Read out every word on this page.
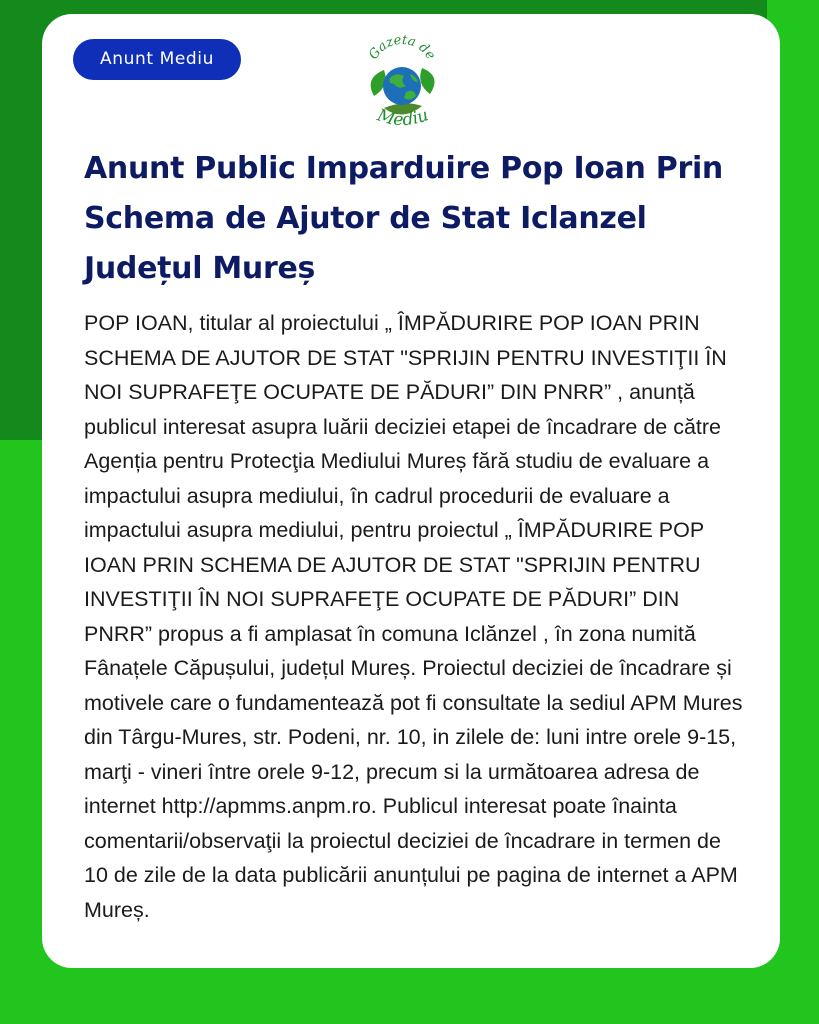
Anunt Mediu	Gazeta de
Mediu
Anunt Public Imparduire Pop Ioan Prin Schema de Ajutor de Stat Iclanzel Județul Mureș

POP IOAN, titular al proiectului „ ÎMPĂDURIRE POP IOAN PRIN SCHEMA DE AJUTOR DE STAT "SPRIJIN PENTRU INVESTIŢII ÎN NOI SUPRAFEŢE OCUPATE DE PĂDURI” DIN PNRR” , anunță publicul interesat asupra luării deciziei etapei de încadrare de către Agenția pentru Protecţia Mediului Mureș fără studiu de evaluare a impactului asupra mediului, în cadrul procedurii de evaluare a impactului asupra mediului, pentru proiectul „ ÎMPĂDURIRE POP IOAN PRIN SCHEMA DE AJUTOR DE STAT "SPRIJIN PENTRU INVESTIŢII ÎN NOI SUPRAFEŢE OCUPATE DE PĂDURI” DIN PNRR” propus a fi amplasat în comuna Iclănzel , în zona numită Fânațele Căpușului, județul Mureș. Proiectul deciziei de încadrare și motivele care o fundamentează pot fi consultate la sediul APM Mures din Târgu-Mures, str. Podeni, nr. 10, in zilele de: luni intre orele 9-15, marţi - vineri între orele 9-12, precum si la următoarea adresa de internet http://apmms.anpm.ro. Publicul interesat poate înainta comentarii/observaţii la proiectul deciziei de încadrare in termen de 10 de zile de la data publicării anunțului pe pagina de internet a APM Mureș.
